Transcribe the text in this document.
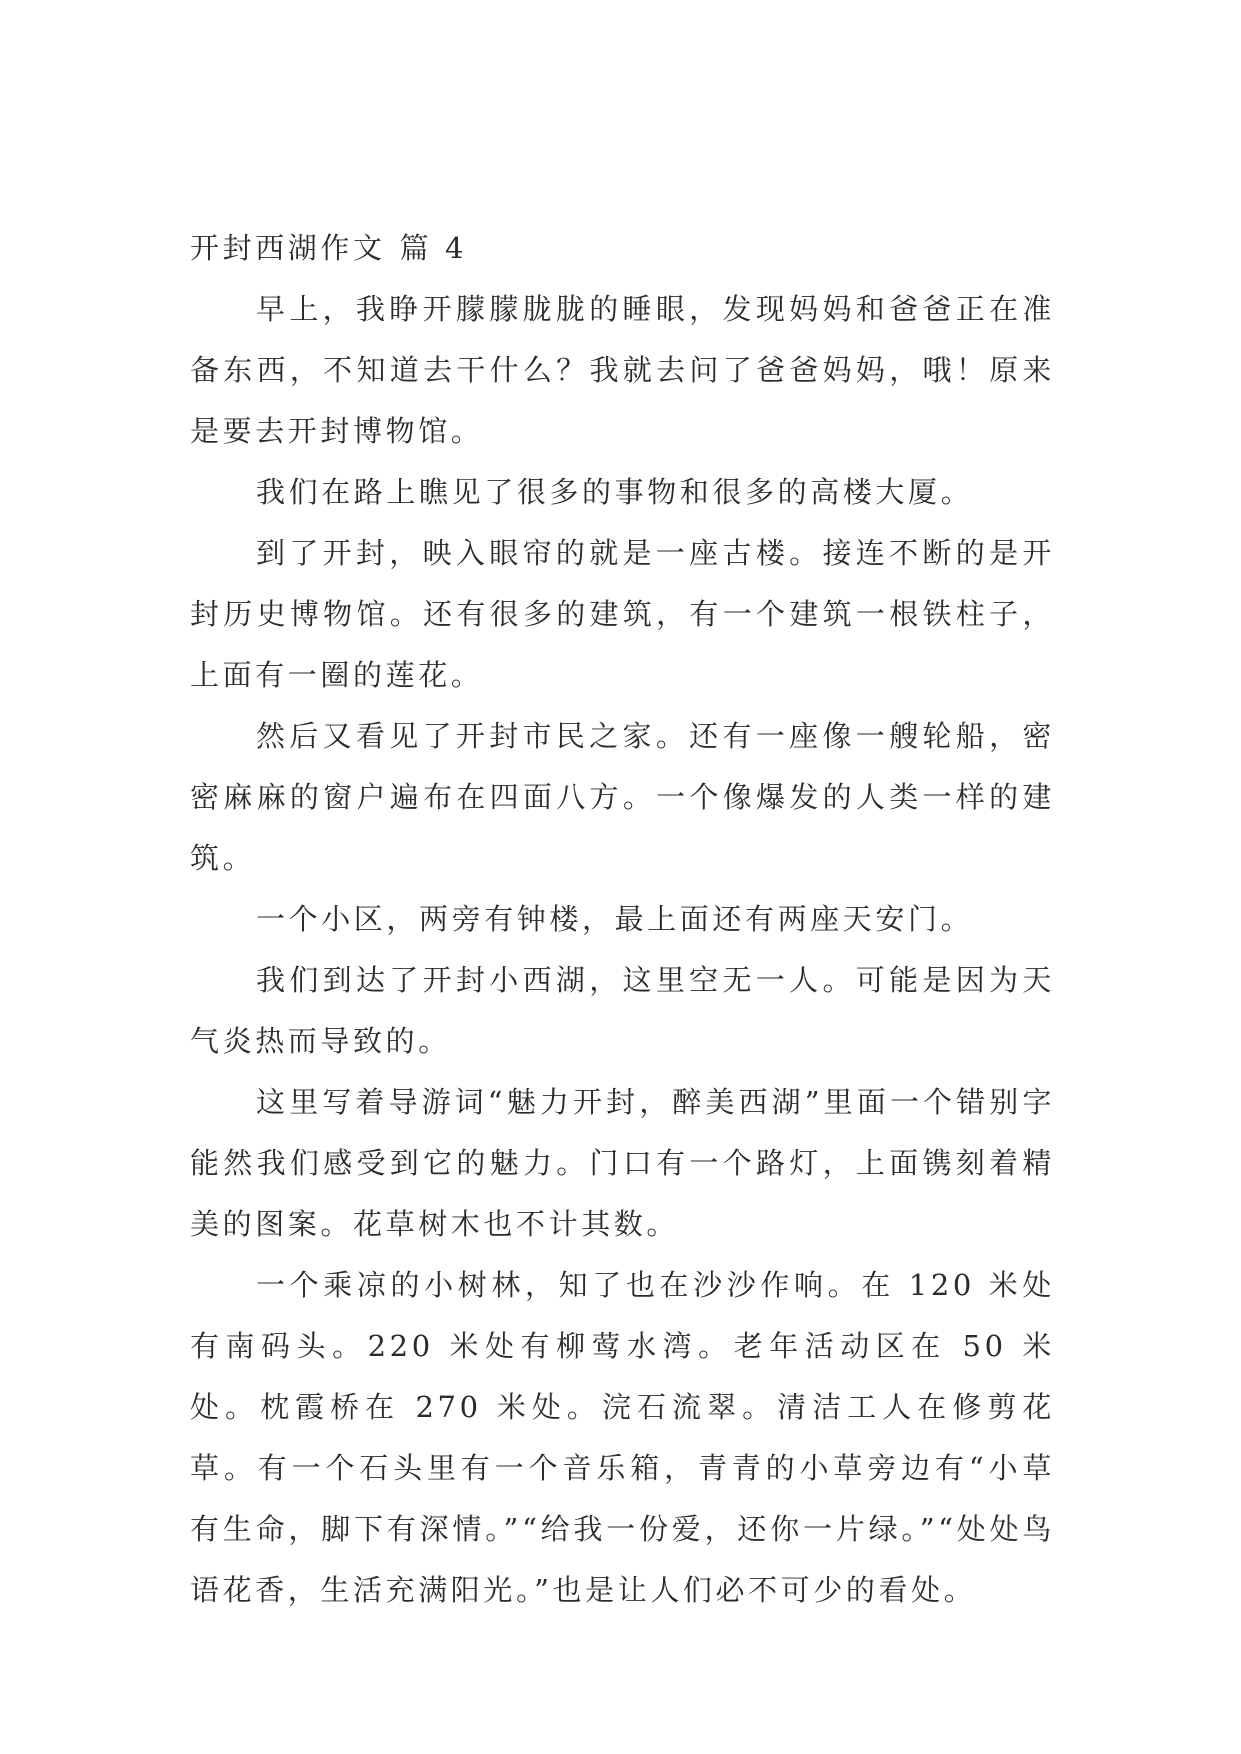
开封西湖作文 篇 4

早上，我睁开朦朦胧胧的睡眼，发现妈妈和爸爸正在准备东西，不知道去干什么？我就去问了爸爸妈妈，哦！原来是要去开封博物馆。

我们在路上瞧见了很多的事物和很多的高楼大厦。

到了开封，映入眼帘的就是一座古楼。接连不断的是开封历史博物馆。还有很多的建筑，有一个建筑一根铁柱子，上面有一圈的莲花。

然后又看见了开封市民之家。还有一座像一艘轮船，密密麻麻的窗户遍布在四面八方。一个像爆发的人类一样的建筑。

一个小区，两旁有钟楼，最上面还有两座天安门。

我们到达了开封小西湖，这里空无一人。可能是因为天气炎热而导致的。

这里写着导游词“魅力开封，醉美西湖”里面一个错别字能然我们感受到它的魅力。门口有一个路灯，上面镌刻着精美的图案。花草树木也不计其数。

一个乘凉的小树林，知了也在沙沙作响。在 120 米处有南码头。220 米处有柳莺水湾。老年活动区在 50 米处。枕霞桥在 270 米处。浣石流翠。清洁工人在修剪花草。有一个石头里有一个音乐箱，青青的小草旁边有“小草有生命，脚下有深情。”“给我一份爱，还你一片绿。”“处处鸟语花香，生活充满阳光。”也是让人们必不可少的看处。
